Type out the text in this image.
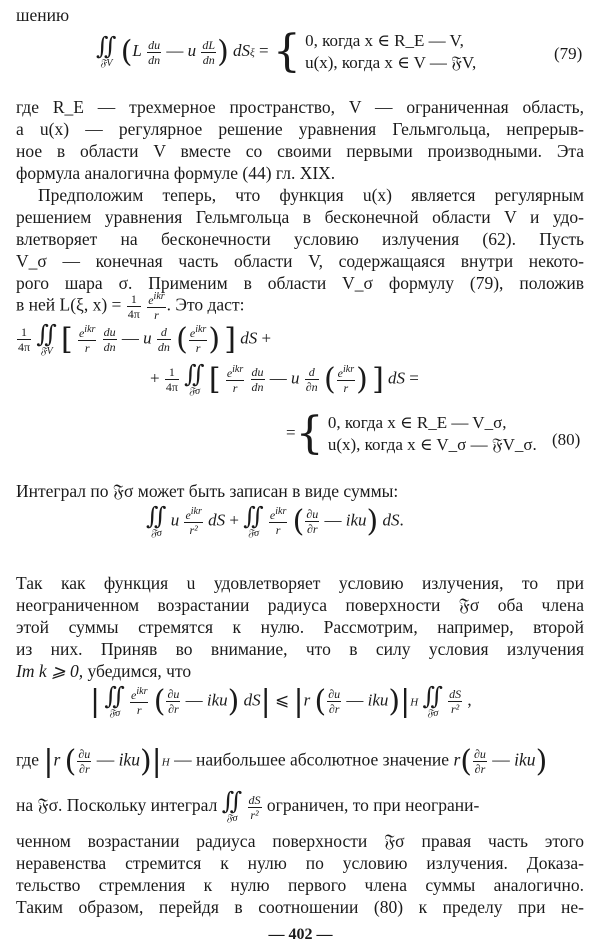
шению
∬
𝔉V ($L \frac{du}{dn}$ — u $\frac{dL}{dn}$ ) dSξ = { 0, когда x ∈ R_E — V,
u(x), когда x ∈ V — 𝔉V,	(79)
где R_E — трехмерное пространство, V — ограниченная область,
а u(x) — регулярное решение уравнения Гельмгольца, непрерыв-
ное в области V вместе со своими первыми производными. Эта
формула аналогична формуле (44) гл. XIX.
Предположим теперь, что функция u(x) является регулярным
решением уравнения Гельмгольца в бесконечной области V и удо-
влетворяет на бесконечности условию излучения (62). Пусть
V_σ — конечная часть области V, содержащаяся внутри некото-
рого шара σ. Применим в области V_σ формулу (79), положив
в ней L(ξ, $x) = \frac{1}{4\pi}$
$\frac{e^{ikr}}{r}$ . Это даст:
$\frac{1}{4\pi}$
∬
𝔉V [ $\frac{e^{ikr}}{r}$
$\frac{du}{dn}$ — u $\frac{d}{dn}$ ( $\frac{e^{ikr}}{r}$ ) ] dS +
+ $\frac{1}{4\pi}$
∬
𝔉σ [ $\frac{e^{ikr}}{r}$
$\frac{du}{dn}$ — u $\frac{d}{\partial n}$ ( $\frac{e^{ikr}}{r}$ ) ] dS =
={ 0, когда x ∈ R_E — V_σ,
u(x), когда x ∈ V_σ — 𝔉V_σ. (80)
Интеграл по 𝔉σ может быть записан в виде суммы:
∬
𝔉σ
u $\frac{e^{ikr}}{\text{r²}}$ dS + ∬
𝔉σ
$\frac{e^{ikr}}{r}$ ( $\frac{\partial u}{\partial r}$ — iku) dS.
Так как функция u удовлетворяет условию излучения, то при
неограниченном возрастании радиуса поверхности 𝔉σ оба члена
этой суммы стремятся к нулю. Рассмотрим, например, второй
из них. Приняв во внимание, что в силу условия излучения
Im k ⩾ 0, убедимся, что
| ∬
𝔉σ
$\frac{e^{ikr}}{r}$ ( $\frac{\partial u}{\partial r}$ — iku) dS| ⩽ |r ( $\frac{\partial u}{\partial r}$ — iku)|H ∬
𝔉σ
$\frac{dS}{\text{r²}}$ ,
где |r ( $\frac{\partial u}{\partial r}$ — iku)|H — наибольшее абсолютное значение $r( \frac{\partial u}{\partial r}$ — iku)
на 𝔉σ. Поскольку интеграл ∬
𝔉σ
$\frac{dS}{\text{r²}}$ ограничен, то при неограни-
ченном возрастании радиуса поверхности 𝔉σ правая часть этого
неравенства стремится к нулю по условию излучения. Доказа-
тельство стремления к нулю первого члена суммы аналогично.
Таким образом, перейдя в соотношении (80) к пределу при не-
— 402 —
